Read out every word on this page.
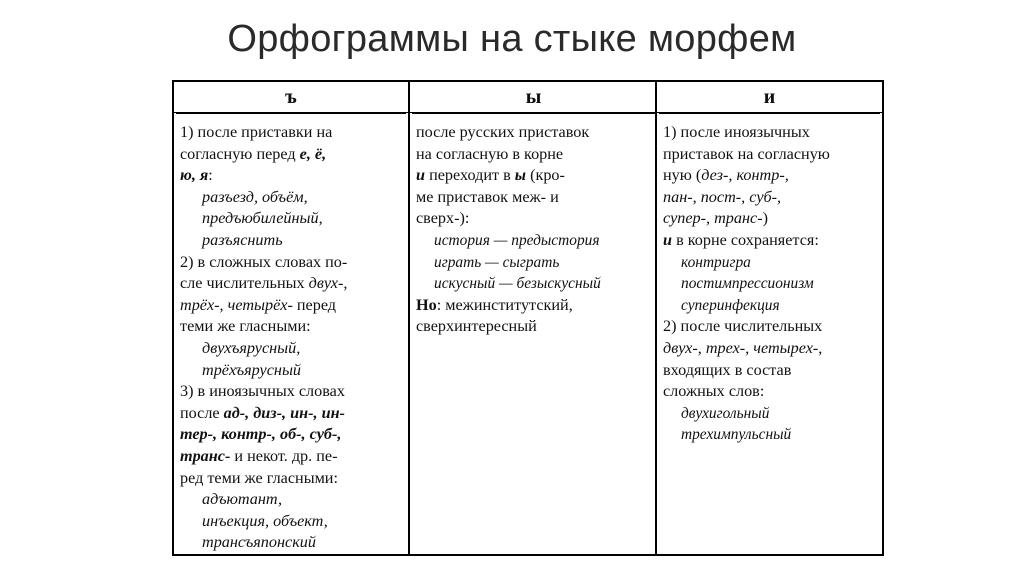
Орфограммы на стыке морфем
ъ
1) после приставки на
согласную перед е, ё,
ю, я:
разъезд, объём,
предъюбилейный,
разъяснить
2) в сложных словах по-
сле числительных двух-,
трёх-, четырёх- перед
теми же гласными:
двухъярусный,
трёхъярусный
3) в иноязычных словах
после ад-, диз-, ин-, ин-
тер-, контр-, об-, суб-,
транс- и некот. др. пе-
ред теми же гласными:
адъютант,
инъекция, объект,
трансъяпонский
ы
после русских приставок
на согласную в корне
и переходит в ы (кро-
ме приставок меж- и
сверх-):
история — предыстория
играть — сыграть
искусный — безыскусный
Но: межинститутский,
сверхинтересный
и
1) после иноязычных
приставок на согласную
ную (дез-, контр-,
пан-, пост-, суб-,
супер-, транс-)
и в корне сохраняется:
контригра
постимпрессионизм
суперинфекция
2) после числительных
двух-, трех-, четырех-,
входящих в состав
сложных слов:
двухигольный
трехимпульсный
